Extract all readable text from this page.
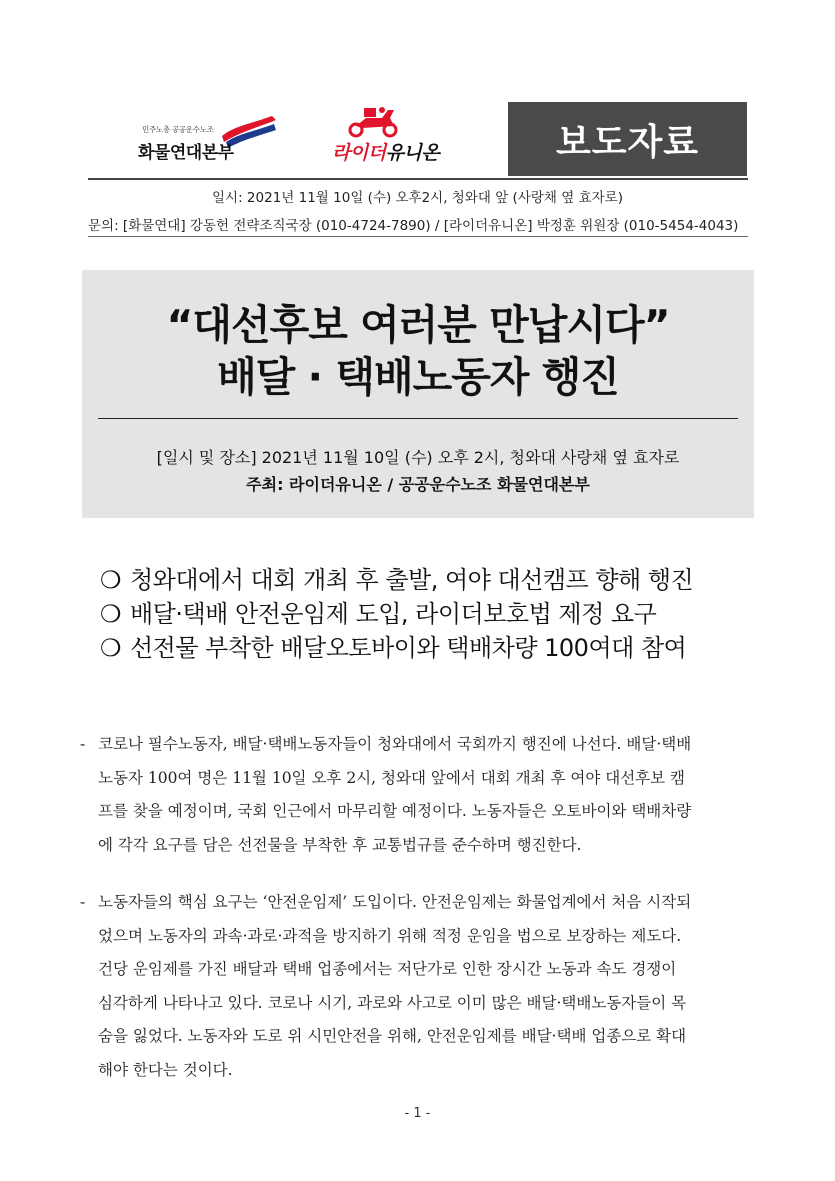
민주노총 공공운수노조
화물연대본부	라이더유니온	보도자료
일시: 2021년 11월 10일 (수) 오후2시, 청와대 앞 (사랑채 옆 효자로)
문의: [화물연대] 강동헌 전략조직국장 (010-4724-7890) / [라이더유니온] 박정훈 위원장 (010-5454-4043)
“대선후보 여러분 만납시다”
배달 · 택배노동자 행진
[일시 및 장소] 2021년 11월 10일 (수) 오후 2시, 청와대 사랑채 옆 효자로
주최: 라이더유니온 / 공공운수노조 화물연대본부
❍ 청와대에서 대회 개최 후 출발, 여야 대선캠프 향해 행진
❍ 배달·택배 안전운임제 도입, 라이더보호법 제정 요구
❍ 선전물 부착한 배달오토바이와 택배차량 100여대 참여
- 코로나 필수노동자, 배달·택배노동자들이 청와대에서 국회까지 행진에 나선다. 배달·택배
노동자 100여 명은 11월 10일 오후 2시, 청와대 앞에서 대회 개최 후 여야 대선후보 캠
프를 찾을 예정이며, 국회 인근에서 마무리할 예정이다. 노동자들은 오토바이와 택배차량
에 각각 요구를 담은 선전물을 부착한 후 교통법규를 준수하며 행진한다.
- 노동자들의 핵심 요구는 ‘안전운임제’ 도입이다. 안전운임제는 화물업계에서 처음 시작되
었으며 노동자의 과속·과로·과적을 방지하기 위해 적정 운임을 법으로 보장하는 제도다.
건당 운임제를 가진 배달과 택배 업종에서는 저단가로 인한 장시간 노동과 속도 경쟁이
심각하게 나타나고 있다. 코로나 시기, 과로와 사고로 이미 많은 배달·택배노동자들이 목
숨을 잃었다. 노동자와 도로 위 시민안전을 위해, 안전운임제를 배달·택배 업종으로 확대
해야 한다는 것이다.
- 1 -
